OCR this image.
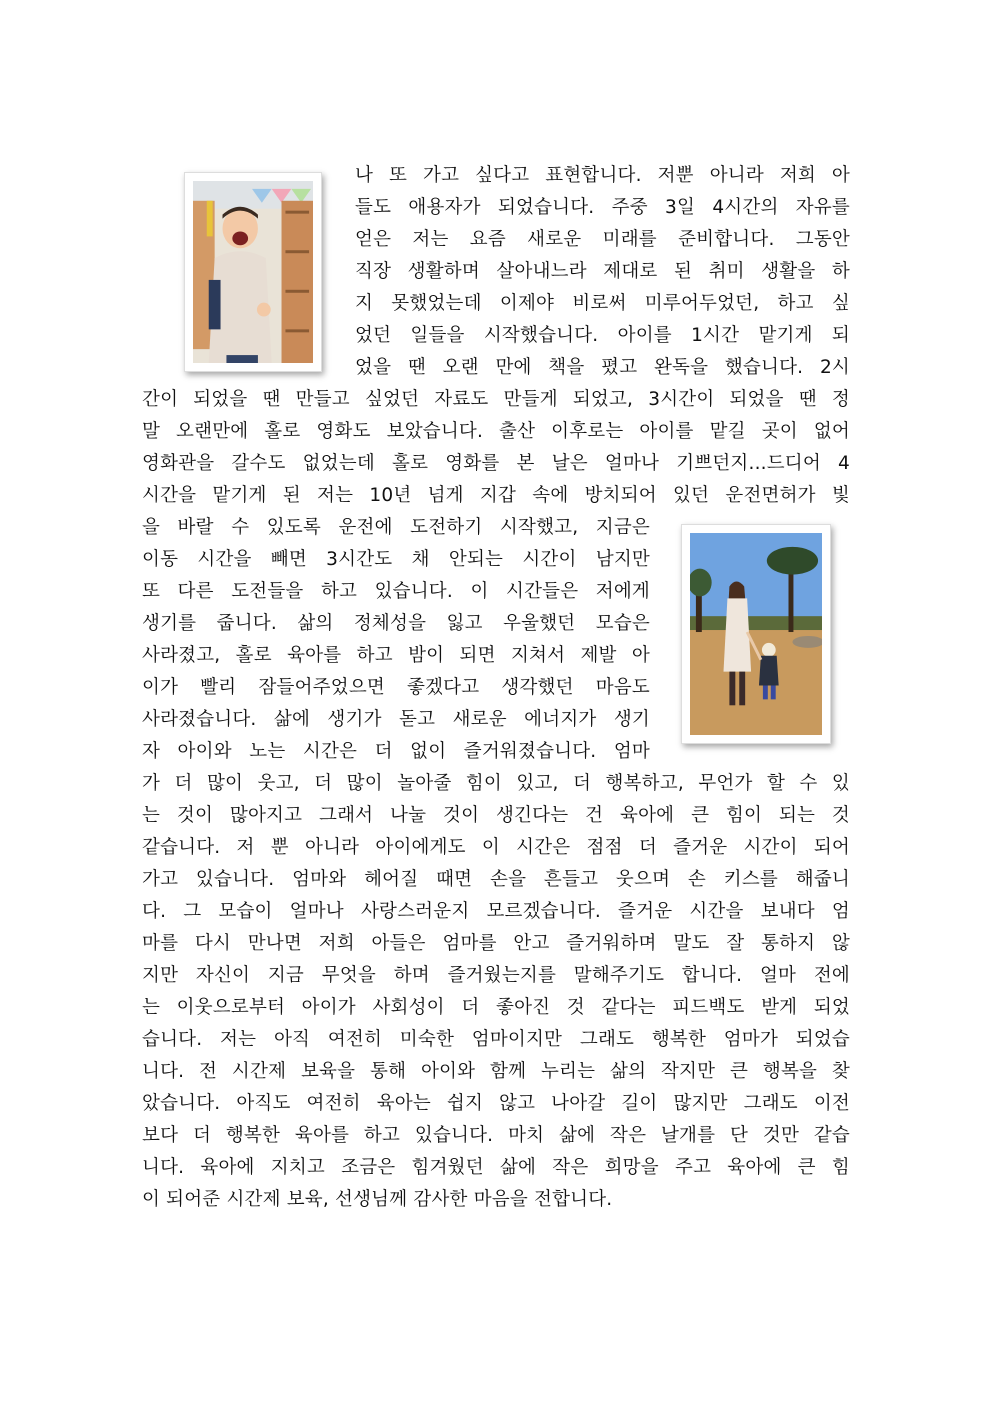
나 또 가고 싶다고 표현합니다. 저뿐 아니라 저희 아
들도 애용자가 되었습니다. 주중 3일 4시간의 자유를
얻은 저는 요즘 새로운 미래를 준비합니다. 그동안
직장 생활하며 살아내느라 제대로 된 취미 생활을 하
지 못했었는데 이제야 비로써 미루어두었던, 하고 싶
었던 일들을 시작했습니다. 아이를 1시간 맡기게 되
었을 땐 오랜 만에 책을 폈고 완독을 했습니다. 2시
간이 되었을 땐 만들고 싶었던 자료도 만들게 되었고, 3시간이 되었을 땐 정
말 오랜만에 홀로 영화도 보았습니다. 출산 이후로는 아이를 맡길 곳이 없어
영화관을 갈수도 없었는데 홀로 영화를 본 날은 얼마나 기쁘던지...드디어 4
시간을 맡기게 된 저는 10년 넘게 지갑 속에 방치되어 있던 운전면허가 빛
을 바랄 수 있도록 운전에 도전하기 시작했고, 지금은
이동 시간을 빼면 3시간도 채 안되는 시간이 남지만
또 다른 도전들을 하고 있습니다. 이 시간들은 저에게
생기를 줍니다. 삶의 정체성을 잃고 우울했던 모습은
사라졌고, 홀로 육아를 하고 밤이 되면 지쳐서 제발 아
이가 빨리 잠들어주었으면 좋겠다고 생각했던 마음도
사라졌습니다. 삶에 생기가 돋고 새로운 에너지가 생기
자 아이와 노는 시간은 더 없이 즐거워졌습니다. 엄마
가 더 많이 웃고, 더 많이 놀아줄 힘이 있고, 더 행복하고, 무언가 할 수 있
는 것이 많아지고 그래서 나눌 것이 생긴다는 건 육아에 큰 힘이 되는 것
같습니다. 저 뿐 아니라 아이에게도 이 시간은 점점 더 즐거운 시간이 되어
가고 있습니다. 엄마와 헤어질 때면 손을 흔들고 웃으며 손 키스를 해줍니
다. 그 모습이 얼마나 사랑스러운지 모르겠습니다. 즐거운 시간을 보내다 엄
마를 다시 만나면 저희 아들은 엄마를 안고 즐거워하며 말도 잘 통하지 않
지만 자신이 지금 무엇을 하며 즐거웠는지를 말해주기도 합니다. 얼마 전에
는 이웃으로부터 아이가 사회성이 더 좋아진 것 같다는 피드백도 받게 되었
습니다. 저는 아직 여전히 미숙한 엄마이지만 그래도 행복한 엄마가 되었습
니다. 전 시간제 보육을 통해 아이와 함께 누리는 삶의 작지만 큰 행복을 찾
았습니다. 아직도 여전히 육아는 쉽지 않고 나아갈 길이 많지만 그래도 이전
보다 더 행복한 육아를 하고 있습니다. 마치 삶에 작은 날개를 단 것만 같습
니다. 육아에 지치고 조금은 힘겨웠던 삶에 작은 희망을 주고 육아에 큰 힘
이 되어준 시간제 보육, 선생님께 감사한 마음을 전합니다.
